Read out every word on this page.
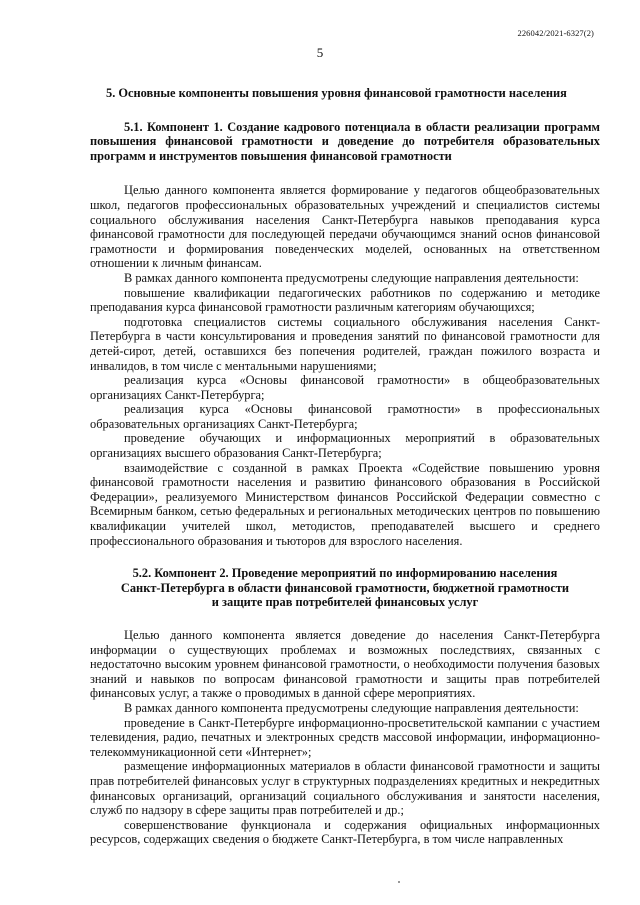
226042/2021-6327(2)
5
5. Основные компоненты повышения уровня финансовой грамотности населения
5.1. Компонент 1. Создание кадрового потенциала в области реализации программ повышения финансовой грамотности и доведение до потребителя образовательных программ и инструментов повышения финансовой грамотности

Целью данного компонента является формирование у педагогов общеобразовательных школ, педагогов профессиональных образовательных учреждений и специалистов системы социального обслуживания населения Санкт-Петербурга навыков преподавания курса финансовой грамотности для последующей передачи обучающимся знаний основ финансовой грамотности и формирования поведенческих моделей, основанных на ответственном отношении к личным финансам.

В рамках данного компонента предусмотрены следующие направления деятельности:

повышение квалификации педагогических работников по содержанию и методике преподавания курса финансовой грамотности различным категориям обучающихся;

подготовка специалистов системы социального обслуживания населения Санкт-Петербурга в части консультирования и проведения занятий по финансовой грамотности для детей-сирот, детей, оставшихся без попечения родителей, граждан пожилого возраста и инвалидов, в том числе с ментальными нарушениями;

реализация курса «Основы финансовой грамотности» в общеобразовательных организациях Санкт-Петербурга;

реализация курса «Основы финансовой грамотности» в профессиональных образовательных организациях Санкт-Петербурга;

проведение обучающих и информационных мероприятий в образовательных организациях высшего образования Санкт-Петербурга;

взаимодействие с созданной в рамках Проекта «Содействие повышению уровня финансовой грамотности населения и развитию финансового образования в Российской Федерации», реализуемого Министерством финансов Российской Федерации совместно с Всемирным банком, сетью федеральных и региональных методических центров по повышению квалификации учителей школ, методистов, преподавателей высшего и среднего профессионального образования и тьюторов для взрослого населения.

5.2. Компонент 2. Проведение мероприятий по информированию населения
Санкт-Петербурга в области финансовой грамотности, бюджетной грамотности
и защите прав потребителей финансовых услуг

Целью данного компонента является доведение до населения Санкт-Петербурга информации о существующих проблемах и возможных последствиях, связанных с недостаточно высоким уровнем финансовой грамотности, о необходимости получения базовых знаний и навыков по вопросам финансовой грамотности и защиты прав потребителей финансовых услуг, а также о проводимых в данной сфере мероприятиях.

В рамках данного компонента предусмотрены следующие направления деятельности:

проведение в Санкт-Петербурге информационно-просветительской кампании с участием телевидения, радио, печатных и электронных средств массовой информации, информационно-телекоммуникационной сети «Интернет»;

размещение информационных материалов в области финансовой грамотности и защиты прав потребителей финансовых услуг в структурных подразделениях кредитных и некредитных финансовых организаций, организаций социального обслуживания и занятости населения, служб по надзору в сфере защиты прав потребителей и др.;

совершенствование функционала и содержания официальных информационных ресурсов, содержащих сведения о бюджете Санкт-Петербурга, в том числе направленных
